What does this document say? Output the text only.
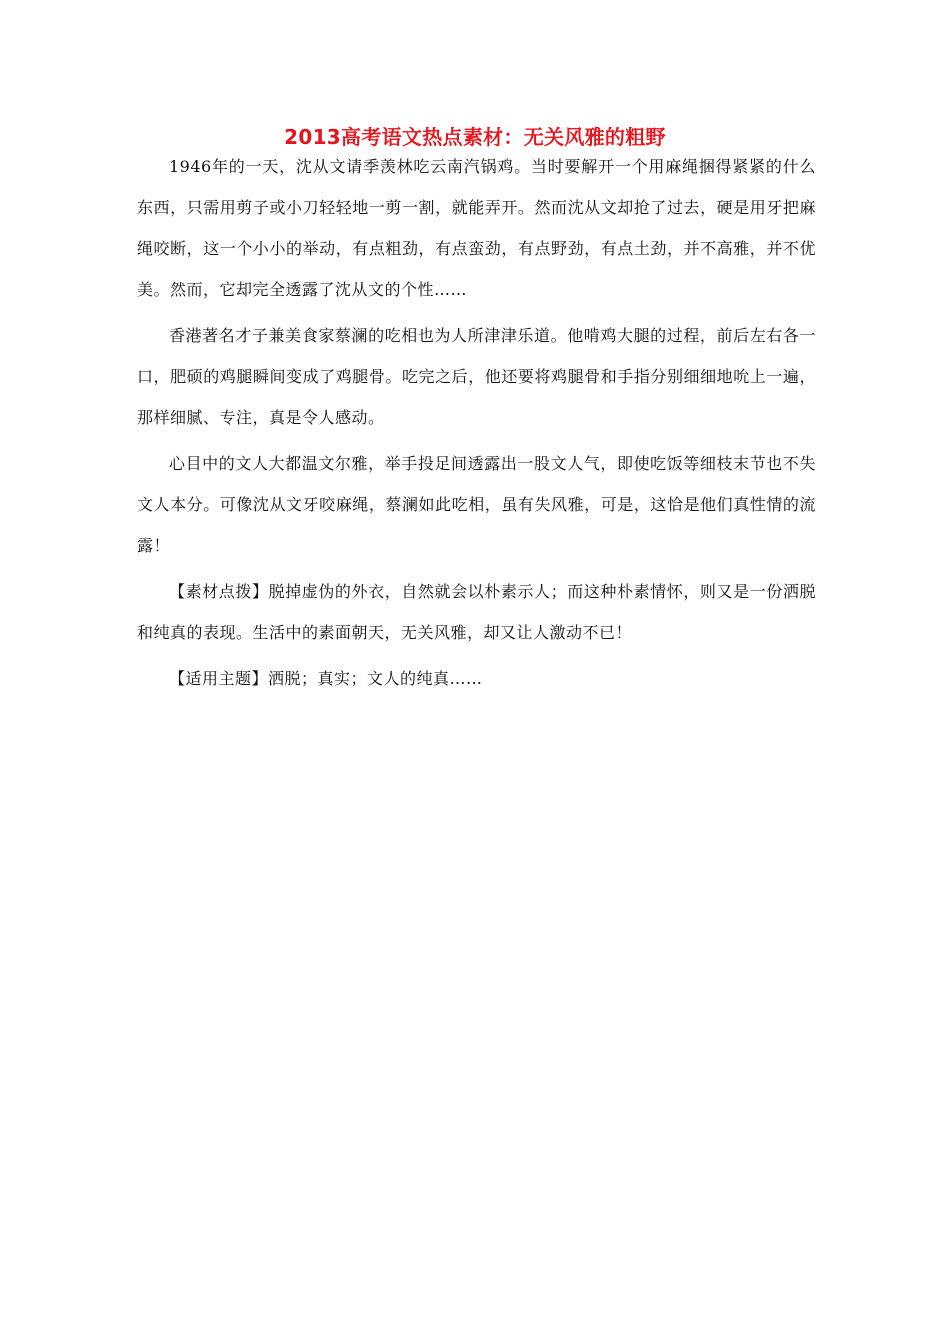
2013高考语文热点素材：无关风雅的粗野

1946年的一天，沈从文请季羡林吃云南汽锅鸡。当时要解开一个用麻绳捆得紧紧的什么东西，只需用剪子或小刀轻轻地一剪一割，就能弄开。然而沈从文却抢了过去，硬是用牙把麻绳咬断，这一个小小的举动，有点粗劲，有点蛮劲，有点野劲，有点土劲，并不高雅，并不优美。然而，它却完全透露了沈从文的个性……

香港著名才子兼美食家蔡澜的吃相也为人所津津乐道。他啃鸡大腿的过程，前后左右各一口，肥硕的鸡腿瞬间变成了鸡腿骨。吃完之后，他还要将鸡腿骨和手指分别细细地吮上一遍，那样细腻、专注，真是令人感动。

心目中的文人大都温文尔雅，举手投足间透露出一股文人气，即使吃饭等细枝末节也不失文人本分。可像沈从文牙咬麻绳，蔡澜如此吃相，虽有失风雅，可是，这恰是他们真性情的流露！

【素材点拨】脱掉虚伪的外衣，自然就会以朴素示人；而这种朴素情怀，则又是一份洒脱和纯真的表现。生活中的素面朝天，无关风雅，却又让人激动不已！

【适用主题】洒脱；真实；文人的纯真……
